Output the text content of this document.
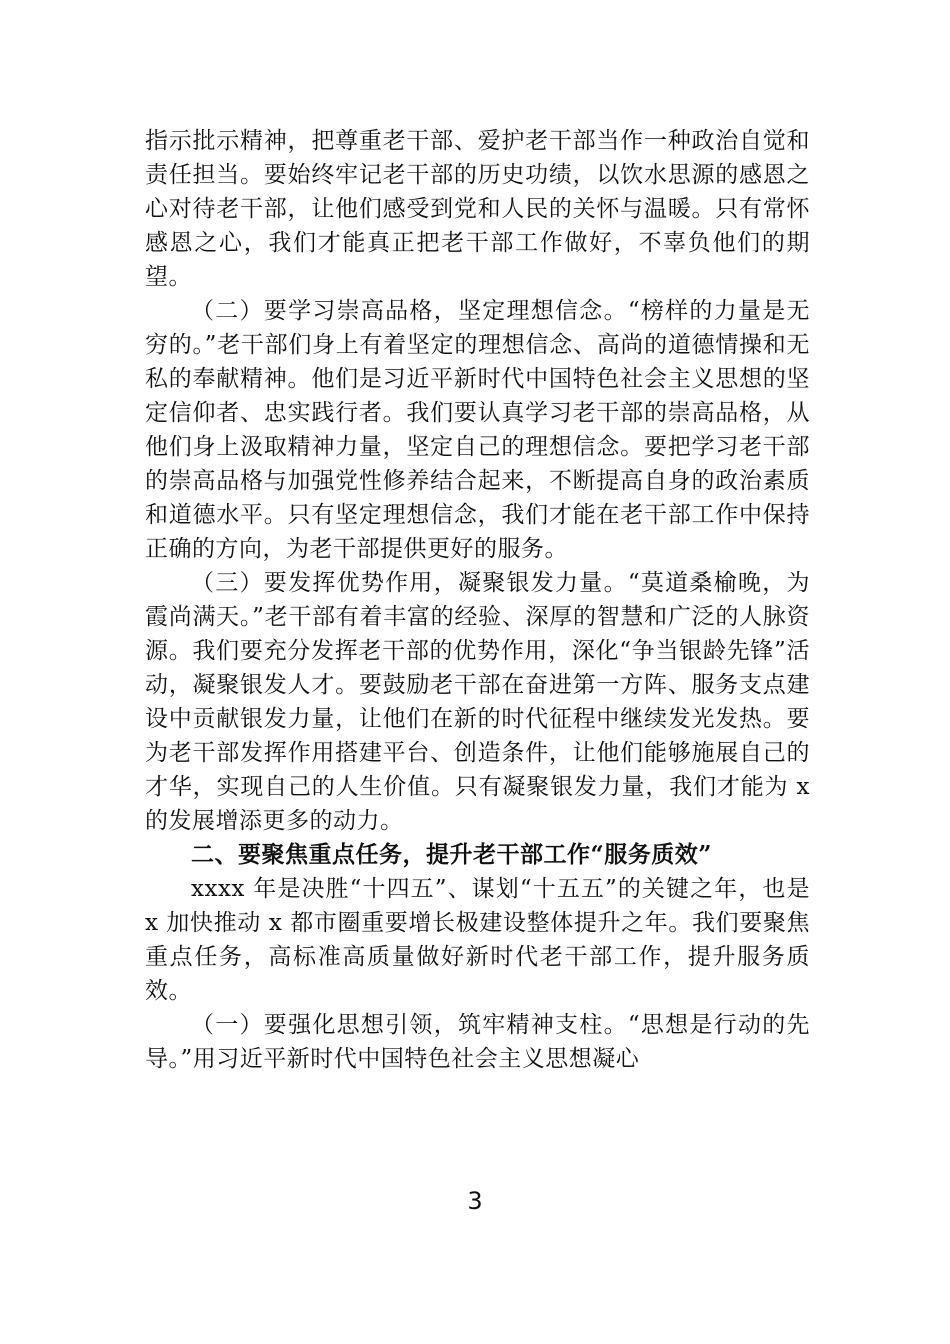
指示批示精神，把尊重老干部、爱护老干部当作一种政治自觉和责任担当。要始终牢记老干部的历史功绩，以饮水思源的感恩之心对待老干部，让他们感受到党和人民的关怀与温暖。只有常怀感恩之心，我们才能真正把老干部工作做好，不辜负他们的期望。

（二）要学习崇高品格，坚定理想信念。“榜样的力量是无穷的。”老干部们身上有着坚定的理想信念、高尚的道德情操和无私的奉献精神。他们是习近平新时代中国特色社会主义思想的坚定信仰者、忠实践行者。我们要认真学习老干部的崇高品格，从他们身上汲取精神力量，坚定自己的理想信念。要把学习老干部的崇高品格与加强党性修养结合起来，不断提高自身的政治素质和道德水平。只有坚定理想信念，我们才能在老干部工作中保持正确的方向，为老干部提供更好的服务。

（三）要发挥优势作用，凝聚银发力量。“莫道桑榆晚，为霞尚满天。”老干部有着丰富的经验、深厚的智慧和广泛的人脉资源。我们要充分发挥老干部的优势作用，深化“争当银龄先锋”活动，凝聚银发人才。要鼓励老干部在奋进第一方阵、服务支点建设中贡献银发力量，让他们在新的时代征程中继续发光发热。要为老干部发挥作用搭建平台、创造条件，让他们能够施展自己的才华，实现自己的人生价值。只有凝聚银发力量，我们才能为 x 的发展增添更多的动力。

二、要聚焦重点任务，提升老干部工作“服务质效”

xxxx 年是决胜“十四五”、谋划“十五五”的关键之年，也是 x 加快推动 x 都市圈重要增长极建设整体提升之年。我们要聚焦重点任务，高标准高质量做好新时代老干部工作，提升服务质效。

（一）要强化思想引领，筑牢精神支柱。“思想是行动的先导。”用习近平新时代中国特色社会主义思想凝心

3
